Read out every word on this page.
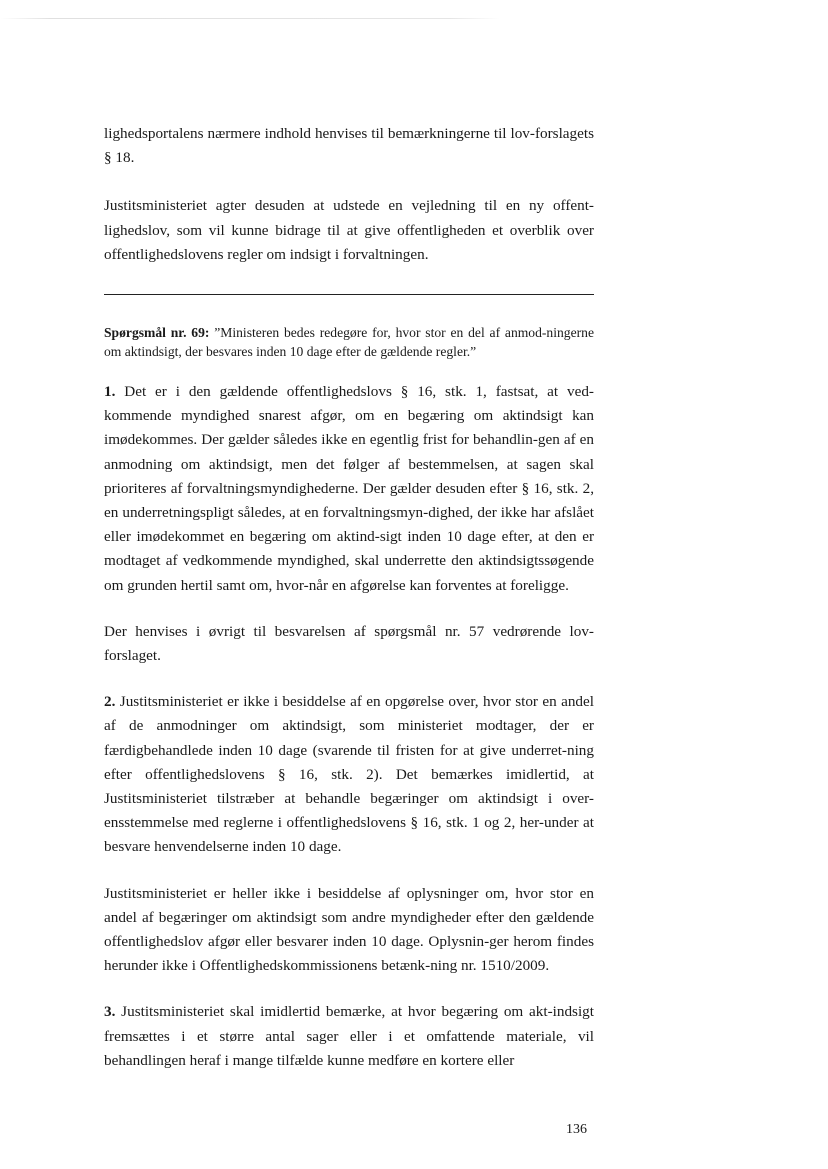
lighedsportalens nærmere indhold henvises til bemærkningerne til lov-forslagets § 18.

Justitsministeriet agter desuden at udstede en vejledning til en ny offent-lighedslov, som vil kunne bidrage til at give offentligheden et overblik over offentlighedslovens regler om indsigt i forvaltningen.

Spørgsmål nr. 69: ”Ministeren bedes redegøre for, hvor stor en del af anmod-ningerne om aktindsigt, der besvares inden 10 dage efter de gældende regler.”

1. Det er i den gældende offentlighedslovs § 16, stk. 1, fastsat, at ved-kommende myndighed snarest afgør, om en begæring om aktindsigt kan imødekommes. Der gælder således ikke en egentlig frist for behandlin-gen af en anmodning om aktindsigt, men det følger af bestemmelsen, at sagen skal prioriteres af forvaltningsmyndighederne. Der gælder desuden efter § 16, stk. 2, en underretningspligt således, at en forvaltningsmyn-dighed, der ikke har afslået eller imødekommet en begæring om aktind-sigt inden 10 dage efter, at den er modtaget af vedkommende myndighed, skal underrette den aktindsigtssøgende om grunden hertil samt om, hvor-når en afgørelse kan forventes at foreligge.

Der henvises i øvrigt til besvarelsen af spørgsmål nr. 57 vedrørende lov-forslaget.

2. Justitsministeriet er ikke i besiddelse af en opgørelse over, hvor stor en andel af de anmodninger om aktindsigt, som ministeriet modtager, der er færdigbehandlede inden 10 dage (svarende til fristen for at give underret-ning efter offentlighedslovens § 16, stk. 2). Det bemærkes imidlertid, at Justitsministeriet tilstræber at behandle begæringer om aktindsigt i over-ensstemmelse med reglerne i offentlighedslovens § 16, stk. 1 og 2, her-under at besvare henvendelserne inden 10 dage.

Justitsministeriet er heller ikke i besiddelse af oplysninger om, hvor stor en andel af begæringer om aktindsigt som andre myndigheder efter den gældende offentlighedslov afgør eller besvarer inden 10 dage. Oplysnin-ger herom findes herunder ikke i Offentlighedskommissionens betænk-ning nr. 1510/2009.

3. Justitsministeriet skal imidlertid bemærke, at hvor begæring om akt-indsigt fremsættes i et større antal sager eller i et omfattende materiale, vil behandlingen heraf i mange tilfælde kunne medføre en kortere eller

136
